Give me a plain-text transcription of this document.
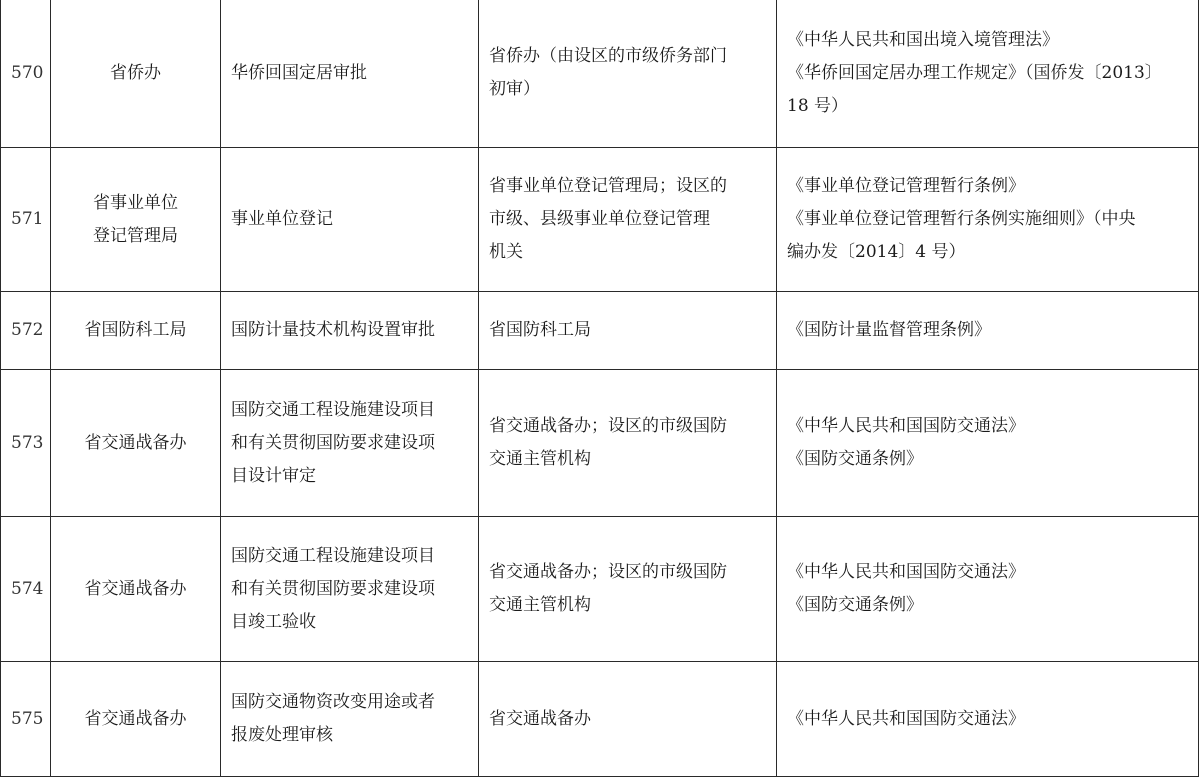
570	省侨办	华侨回国定居审批	省侨办（由设区的市级侨务部门
初审）	《中华人民共和国出境入境管理法》
《华侨回国定居办理工作规定》（国侨发〔2013〕
18 号）

571	省事业单位
登记管理局	事业单位登记	省事业单位登记管理局；设区的
市级、县级事业单位登记管理
机关	《事业单位登记管理暂行条例》
《事业单位登记管理暂行条例实施细则》（中央
编办发〔2014〕4 号）

572	省国防科工局	国防计量技术机构设置审批	省国防科工局	《国防计量监督管理条例》

573	省交通战备办	国防交通工程设施建设项目
和有关贯彻国防要求建设项
目设计审定	省交通战备办；设区的市级国防
交通主管机构	《中华人民共和国国防交通法》
《国防交通条例》

574	省交通战备办	国防交通工程设施建设项目
和有关贯彻国防要求建设项
目竣工验收	省交通战备办；设区的市级国防
交通主管机构	《中华人民共和国国防交通法》
《国防交通条例》

575	省交通战备办	国防交通物资改变用途或者
报废处理审核	省交通战备办	《中华人民共和国国防交通法》
